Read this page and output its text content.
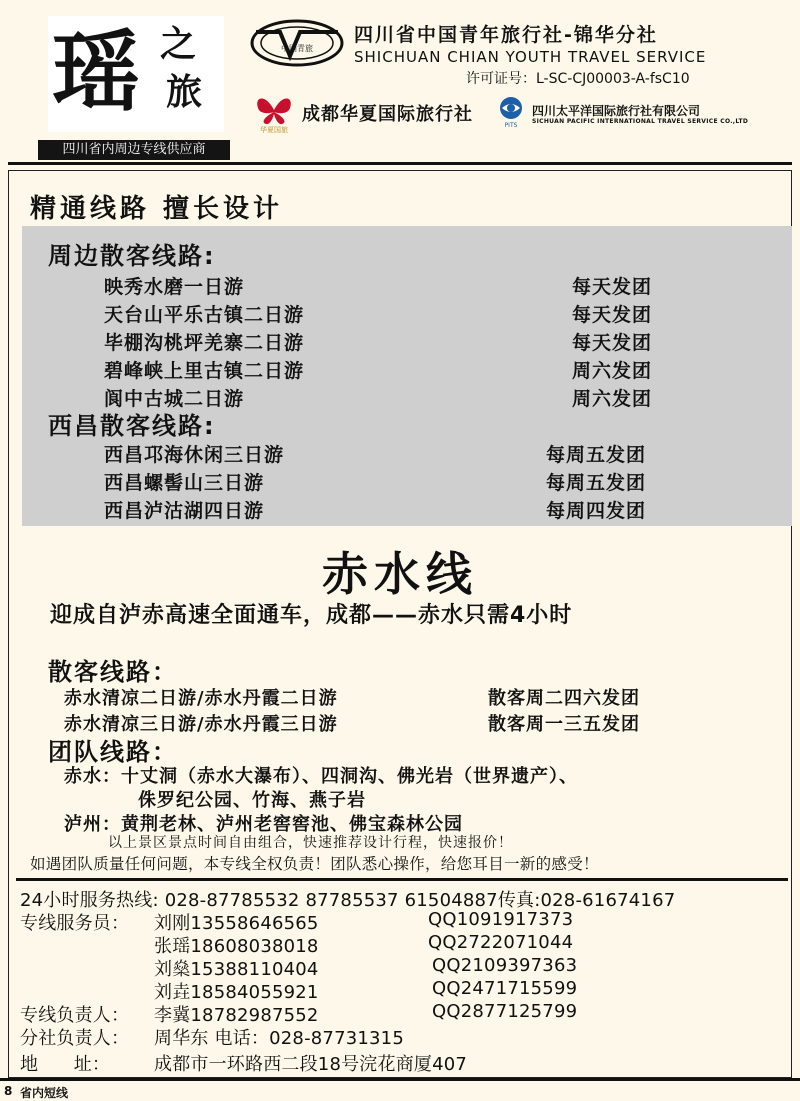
瑶 之
旅
四川省内周边专线供应商
中国青旅
四川省中国青年旅行社-锦华分社
SHICHUAN CHIAN YOUTH TRAVEL SERVICE
许可证号：L-SC-CJ00003-A-fsC10
华夏国旅
成都华夏国际旅行社
PITS
四川太平洋国际旅行社有限公司
SICHUAN PACIFIC INTERNATIONAL TRAVEL SERVICE CO.,LTD
精通线路 擅长设计
周边散客线路:
映秀水磨一日游	每天发团
天台山平乐古镇二日游	每天发团
毕棚沟桃坪羌寨二日游	每天发团
碧峰峡上里古镇二日游	周六发团
阆中古城二日游	周六发团
西昌散客线路:
西昌邛海休闲三日游	每周五发团
西昌螺髻山三日游	每周五发团
西昌泸沽湖四日游	每周四发团
赤水线
迎成自泸赤高速全面通车，成都——赤水只需4小时
散客线路：
赤水清凉二日游/赤水丹霞二日游	散客周二四六发团
赤水清凉三日游/赤水丹霞三日游	散客周一三五发团
团队线路：
赤水：十丈洞（赤水大瀑布）、四洞沟、佛光岩（世界遗产）、
侏罗纪公园、竹海、燕子岩
泸州：黄荆老林、泸州老窖窖池、佛宝森林公园
以上景区景点时间自由组合，快速推荐设计行程，快速报价！
如遇团队质量任何问题，本专线全权负责！团队悉心操作，给您耳目一新的感受！
24小时服务热线: 028-87785532 87785537 61504887传真:028-61674167
专线服务员： 刘刚13558646565	QQ1091917373
张瑶18608038018	QQ2722071044
刘燊15388110404	QQ2109397363
刘垚18584055921	QQ2471715599
专线负责人： 李冀18782987552	QQ2877125799
分社负责人： 周华东 电话：028-87731315
地      址： 成都市一环路西二段18号浣花商厦407
8 省内短线
